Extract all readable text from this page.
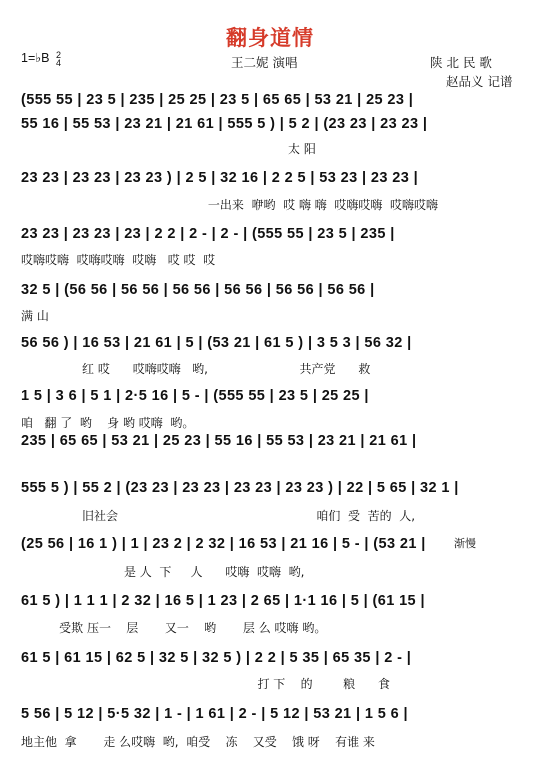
翻身道情
1=♭B 2
4	王二妮 演唱	陕 北 民 歌
赵品义 记谱
渐慢
(555 55 | 23 5 | 235 | 25 25 | 23 5 | 65 65 | 53 21 | 25 23 |
55 16 | 55 53 | 23 21 | 21 61 | 555 5 ) | 5 2 | (23 23 | 23 23 |
太 阳
23 23 | 23 23 | 23 23 ) | 2 5 | 32 16 | 2 2 5 | 53 23 | 23 23 |
一出来  咿哟  哎 嗨 嗨  哎嗨哎嗨  哎嗨哎嗨
23 23 | 23 23 | 23 | 2 2 | 2 - | 2 - | (555 55 | 23 5 | 235 |
哎嗨哎嗨  哎嗨哎嗨  哎嗨   哎 哎  哎
32 5 | (56 56 | 56 56 | 56 56 | 56 56 | 56 56 | 56 56 |
满 山
56 56 ) | 16 53 | 21 61 | 5 | (53 21 | 61 5 ) | 3 5 3 | 56 32 |
红 哎      哎嗨哎嗨   哟,                        共产党      救
1 5 | 3 6 | 5 1 | 2·5 16 | 5 - | (555 55 | 23 5 | 25 25 |
咱   翻 了  哟    身 哟 哎嗨  哟。
235 | 65 65 | 53 21 | 25 23 | 55 16 | 55 53 | 23 21 | 21 61 |
555 5 ) | 55 2 | (23 23 | 23 23 | 23 23 | 23 23 ) | 22 | 5 65 | 32 1 |
旧社会                                                    咱们  受  苦的  人,
(25 56 | 16 1 ) | 1 | 23 2 | 2 32 | 16 53 | 21 16 | 5 - | (53 21 |
是 人  下     人      哎嗨  哎嗨  哟,
61 5 ) | 1 1 1 | 2 32 | 16 5 | 1 23 | 2 65 | 1·1 16 | 5 | (61 15 |
受欺 压一    层       又一    哟       层 么 哎嗨 哟。
61 5 | 61 15 | 62 5 | 32 5 | 32 5 ) | 2 2 | 5 35 | 65 35 | 2 - |
打 下    的        粮      食
5 56 | 5 12 | 5·5 32 | 1 - | 1 61 | 2 - | 5 12 | 53 21 | 1 5 6 |
地主他  拿       走 么哎嗨  哟,  咱受    冻    又受    饿 呀    有谁 来
